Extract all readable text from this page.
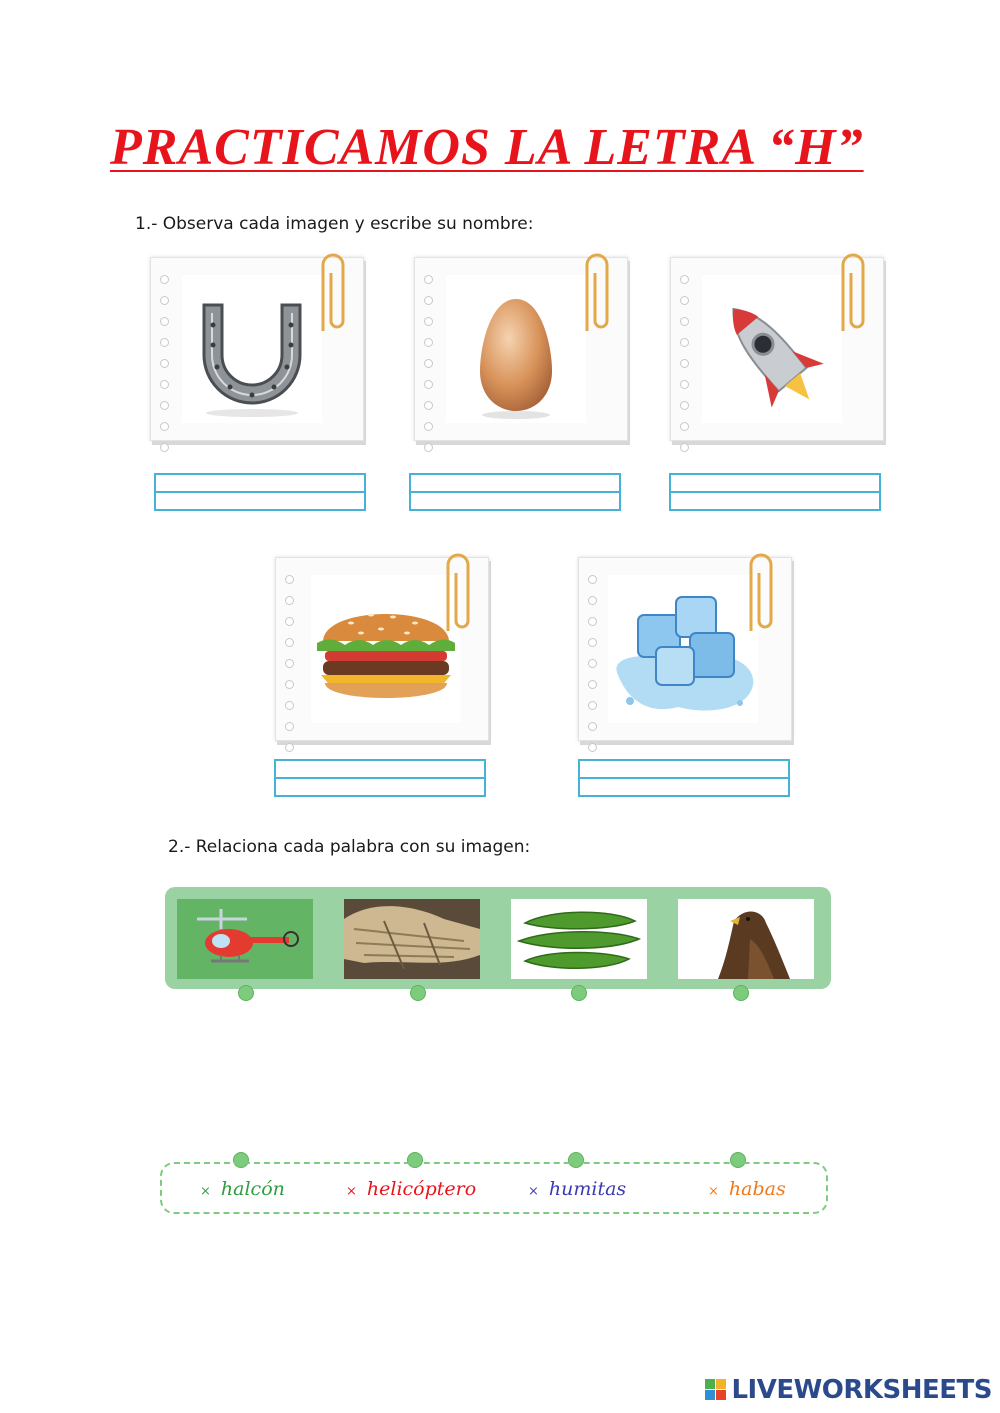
PRACTICAMOS LA LETRA “H”

1.- Observa cada imagen y escribe su nombre:

2.- Relaciona cada palabra con su imagen:

× halcón	× helicóptero	× humitas	× habas
LIVEWORKSHEETS
